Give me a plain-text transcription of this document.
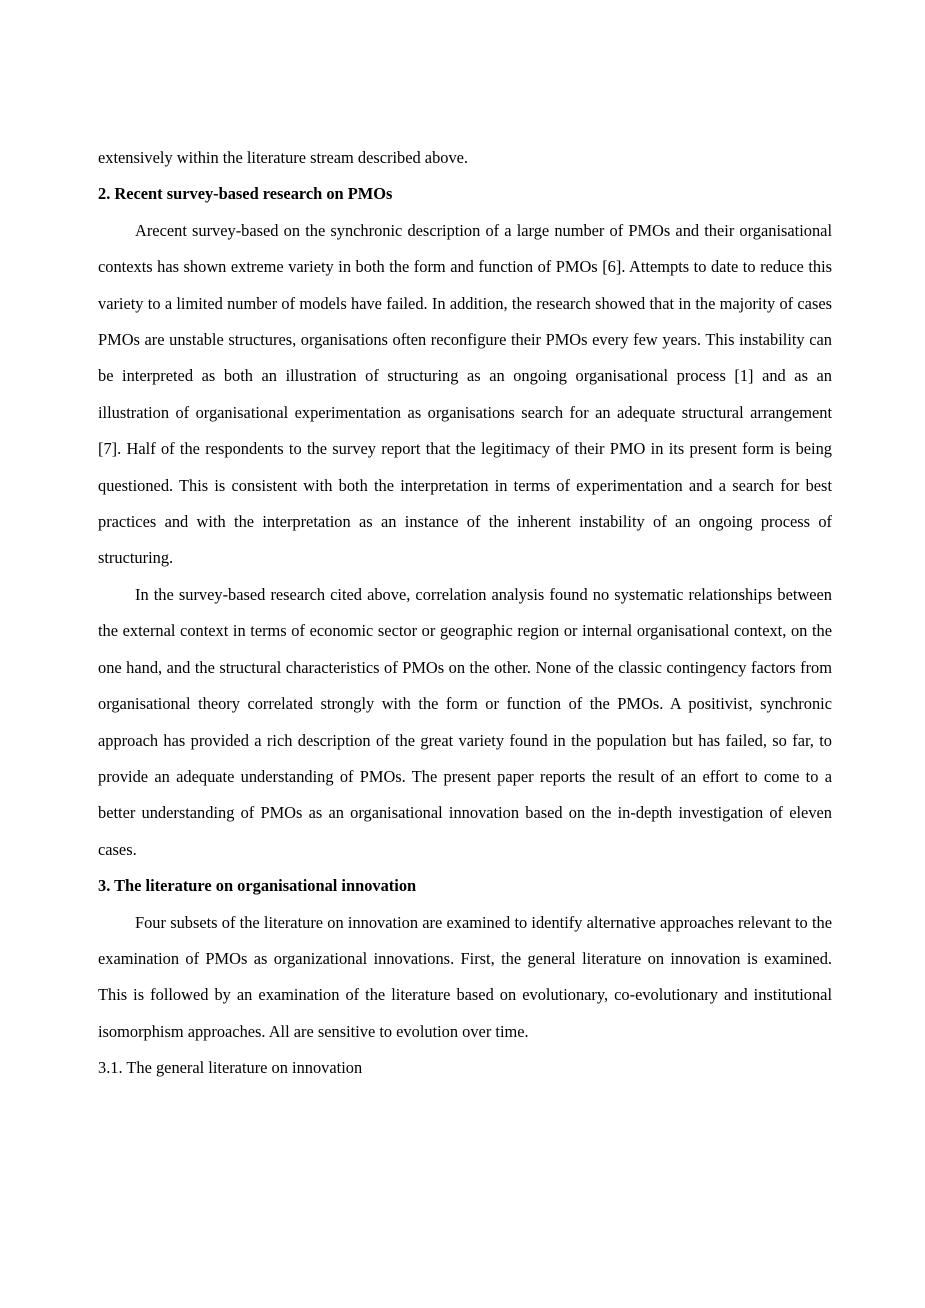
extensively within the literature stream described above.

2. Recent survey-based research on PMOs

Arecent survey-based on the synchronic description of a large number of PMOs and their organisational contexts has shown extreme variety in both the form and function of PMOs [6]. Attempts to date to reduce this variety to a limited number of models have failed. In addition, the research showed that in the majority of cases PMOs are unstable structures, organisations often reconfigure their PMOs every few years. This instability can be interpreted as both an illustration of structuring as an ongoing organisational process [1] and as an illustration of organisational experimentation as organisations search for an adequate structural arrangement [7]. Half of the respondents to the survey report that the legitimacy of their PMO in its present form is being questioned. This is consistent with both the interpretation in terms of experimentation and a search for best practices and with the interpretation as an instance of the inherent instability of an ongoing process of structuring.

In the survey-based research cited above, correlation analysis found no systematic relationships between the external context in terms of economic sector or geographic region or internal organisational context, on the one hand, and the structural characteristics of PMOs on the other. None of the classic contingency factors from organisational theory correlated strongly with the form or function of the PMOs. A positivist, synchronic approach has provided a rich description of the great variety found in the population but has failed, so far, to provide an adequate understanding of PMOs. The present paper reports the result of an effort to come to a better understanding of PMOs as an organisational innovation based on the in-depth investigation of eleven cases.

3. The literature on organisational innovation

Four subsets of the literature on innovation are examined to identify alternative approaches relevant to the examination of PMOs as organizational innovations. First, the general literature on innovation is examined. This is followed by an examination of the literature based on evolutionary, co-evolutionary and institutional isomorphism approaches. All are sensitive to evolution over time.

3.1. The general literature on innovation
